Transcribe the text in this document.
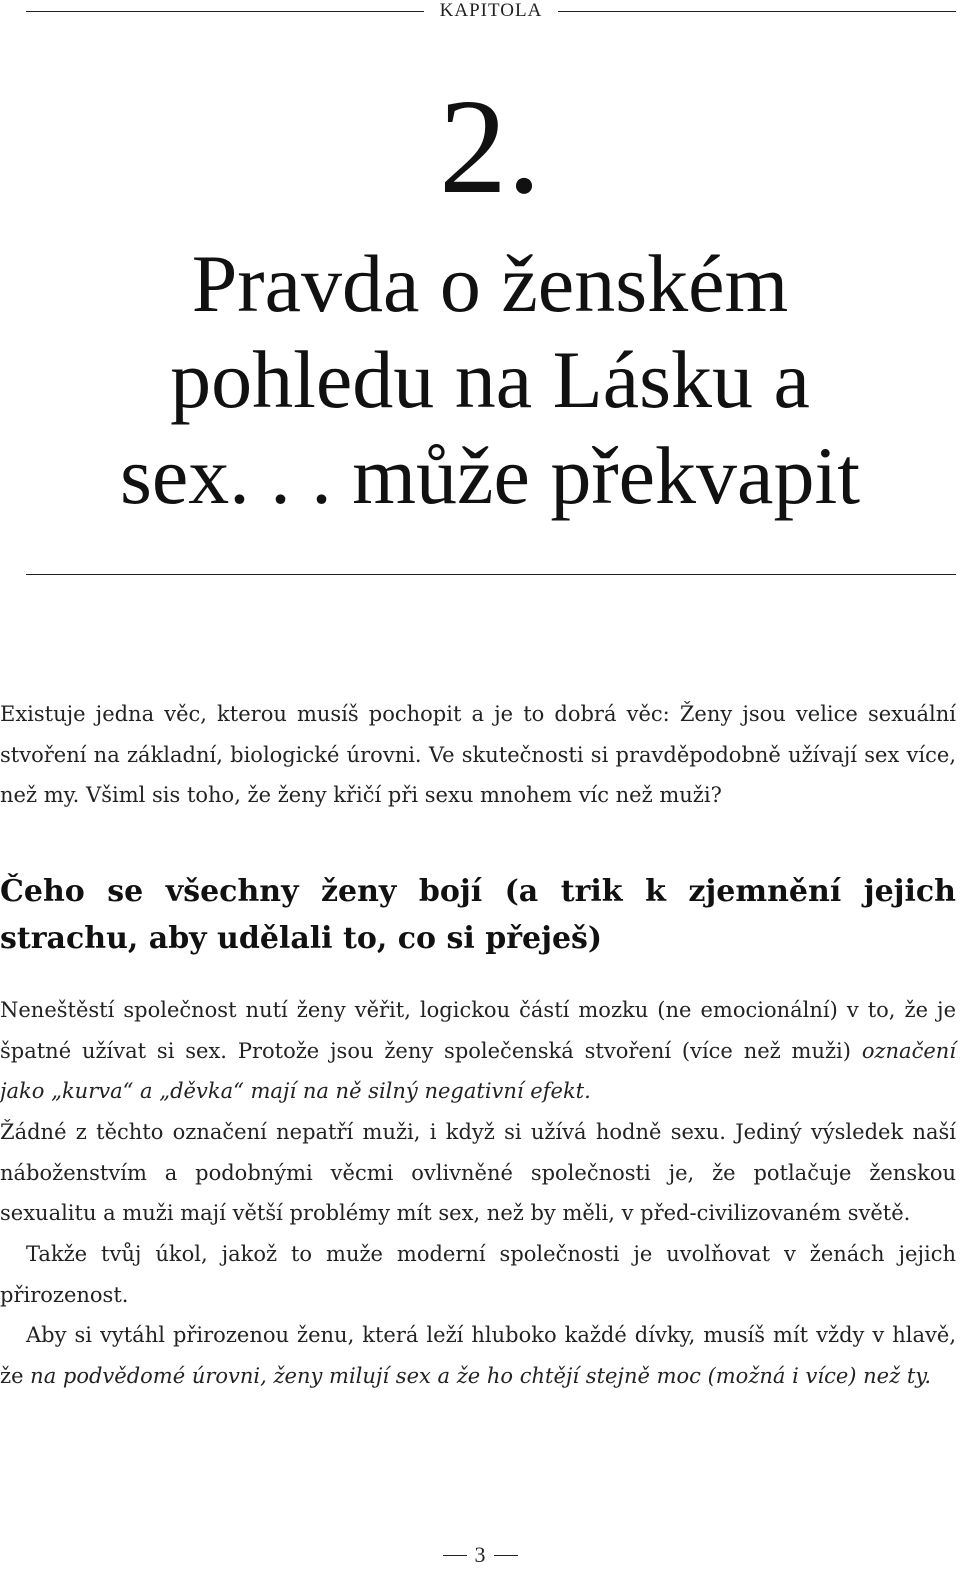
KAPITOLA
2.
Pravda o ženském
pohledu na Lásku a
sex. . . může překvapit

Existuje jedna věc, kterou musíš pochopit a je to dobrá věc: Ženy jsou velice sexuální stvoření na základní, biologické úrovni. Ve skutečnosti si pravděpodobně užívají sex více, než my. Všiml sis toho, že ženy křičí při sexu mnohem víc než muži?

Čeho se všechny ženy bojí (a trik k zjemnění jejich strachu, aby udělali to, co si přeješ)

Neneštěstí společnost nutí ženy věřit, logickou částí mozku (ne emocionální) v to, že je špatné užívat si sex. Protože jsou ženy společenská stvoření (více než muži) označení jako „kurva“ a „děvka“ mají na ně silný negativní efekt.

Žádné z těchto označení nepatří muži, i když si užívá hodně sexu. Jediný výsledek naší náboženstvím a podobnými věcmi ovlivněné společnosti je, že potlačuje ženskou sexualitu a muži mají větší problémy mít sex, než by měli, v před-civilizovaném světě.

Takže tvůj úkol, jakož to muže moderní společnosti je uvolňovat v ženách jejich přirozenost.

Aby si vytáhl přirozenou ženu, která leží hluboko každé dívky, musíš mít vždy v hlavě, že na podvědomé úrovni, ženy milují sex a že ho chtějí stejně moc (možná i více) než ty.

3
